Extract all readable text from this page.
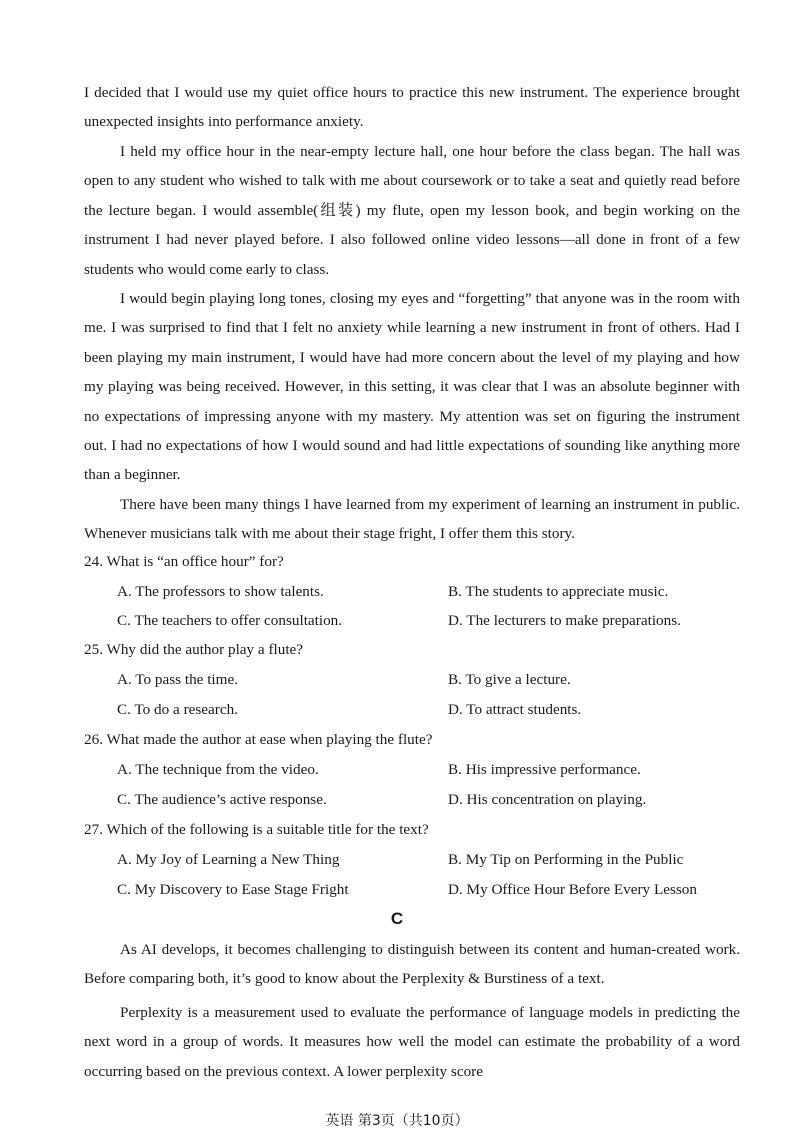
I decided that I would use my quiet office hours to practice this new instrument. The experience brought unexpected insights into performance anxiety.

I held my office hour in the near-empty lecture hall, one hour before the class began. The hall was open to any student who wished to talk with me about coursework or to take a seat and quietly read before the lecture began. I would assemble(组装) my flute, open my lesson book, and begin working on the instrument I had never played before. I also followed online video lessons—all done in front of a few students who would come early to class.

I would begin playing long tones, closing my eyes and “forgetting” that anyone was in the room with me. I was surprised to find that I felt no anxiety while learning a new instrument in front of others. Had I been playing my main instrument, I would have had more concern about the level of my playing and how my playing was being received. However, in this setting, it was clear that I was an absolute beginner with no expectations of impressing anyone with my mastery. My attention was set on figuring the instrument out. I had no expectations of how I would sound and had little expectations of sounding like anything more than a beginner.

There have been many things I have learned from my experiment of learning an instrument in public. Whenever musicians talk with me about their stage fright, I offer them this story.

24. What is “an office hour” for?
A. The professors to show talents.	B. The students to appreciate music.
C. The teachers to offer consultation.	D. The lecturers to make preparations.
25. Why did the author play a flute?
A. To pass the time.	B. To give a lecture.
C. To do a research.	D. To attract students.
26. What made the author at ease when playing the flute?
A. The technique from the video.	B. His impressive performance.
C. The audience’s active response.	D. His concentration on playing.
27. Which of the following is a suitable title for the text?
A. My Joy of Learning a New Thing	B. My Tip on Performing in the Public
C. My Discovery to Ease Stage Fright	D. My Office Hour Before Every Lesson
C

As AI develops, it becomes challenging to distinguish between its content and human-created work. Before comparing both, it’s good to know about the Perplexity & Burstiness of a text.

Perplexity is a measurement used to evaluate the performance of language models in predicting the next word in a group of words. It measures how well the model can estimate the probability of a word occurring based on the previous context. A lower perplexity score

英语 第3页（共10页）
